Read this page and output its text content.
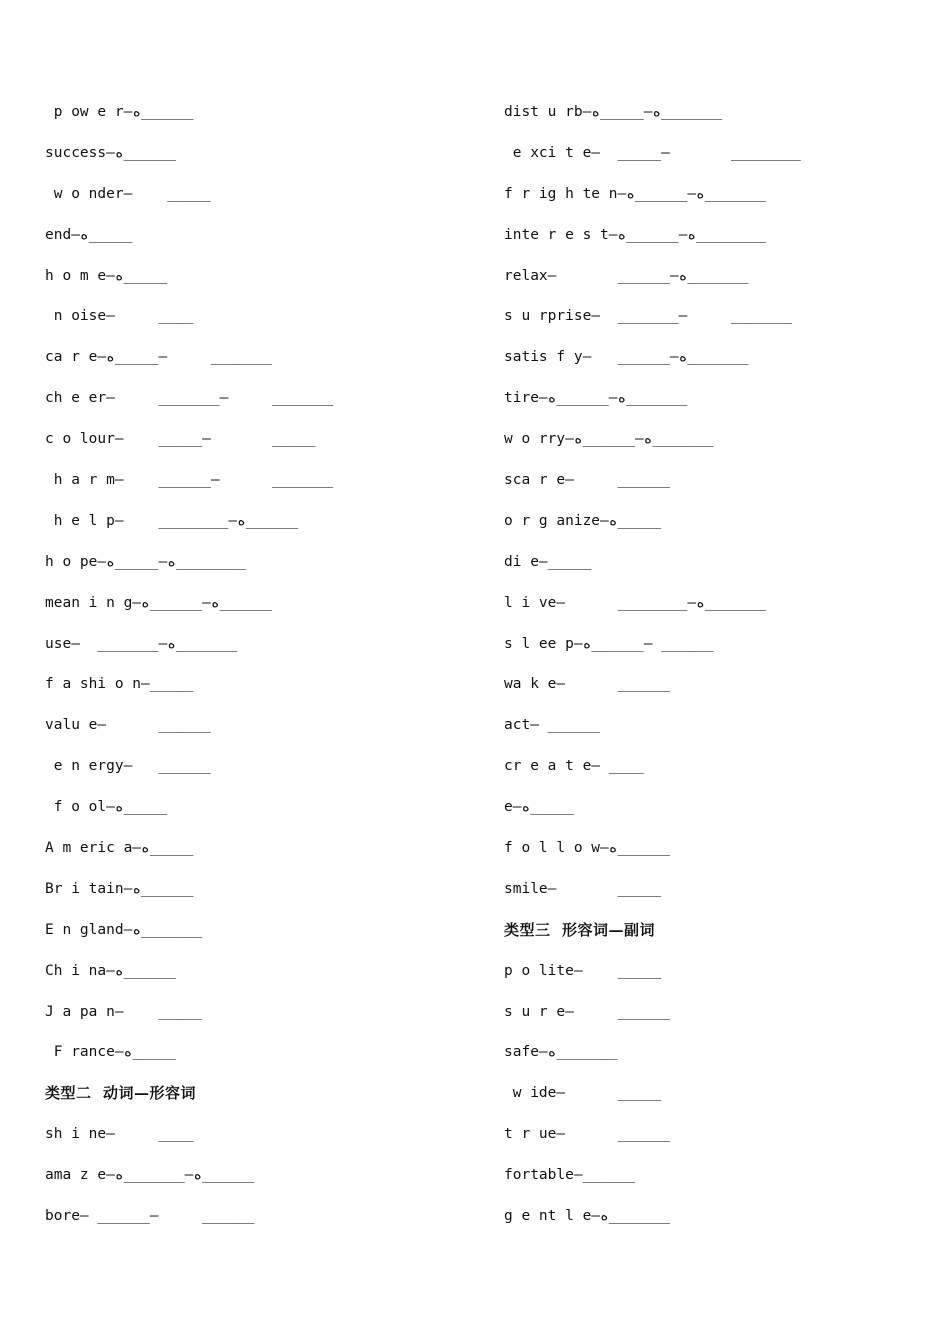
p ow e r—ﻩ______
success—ﻩ______
w o nder—    _____
end—ﻩ_____
h o m e—ﻩ_____
n oise—     ____
ca r e—ﻩ_____—     _______
ch e er—     _______—     _______
c o lour—    _____—       _____
h a r m—    ______—      _______
h e l p—    ________—ﻩ______
h o pe—ﻩ—_____ﻩ________
mean i n g—ﻩ—______ﻩ______
use—  _______—ﻩ_______
f a shi o n—_____
valu e—      ______
e n ergy—   ______
f o ol—ﻩ_____
A m eric a—ﻩ_____
Br i tain—ﻩ______
E n gland—ﻩ_______
Ch i na—ﻩ______
J a pa n—    _____
F rance—ﻩ_____
类型二  动词—形容词
sh i ne—     ____
ama z e—ﻩ—_______ﻩ______
bore— ______—     ______
dist u rb—ﻩ—_____ﻩ_______
e xci t e—  _____—       ________
f r ig h te n—ﻩ—______ﻩ_______
inte r e s t—ﻩ—______ﻩ________
relax—       ______—ﻩ_______
s u rprise—  _______—     _______
satis f y—   ______—ﻩ_______
tire—ﻩ—______ﻩ_______
w o rry—ﻩ—______ﻩ_______
sca r e—     ______
o r g anize—ﻩ_____
di e—_____
l i ve—      ________—ﻩ_______
s l ee p—ﻩ______— ______
wa k e—      ______
act— ______
cr e a t e— ____
e—ﻩ_____
f o l l o w—ﻩ______
smile—       _____
类型三  形容词—副词
p o lite—    _____
s u r e—     ______
safe—ﻩ_______
w ide—      _____
t r ue—      ______
fortable—______
g e nt l e—ﻩ_______
